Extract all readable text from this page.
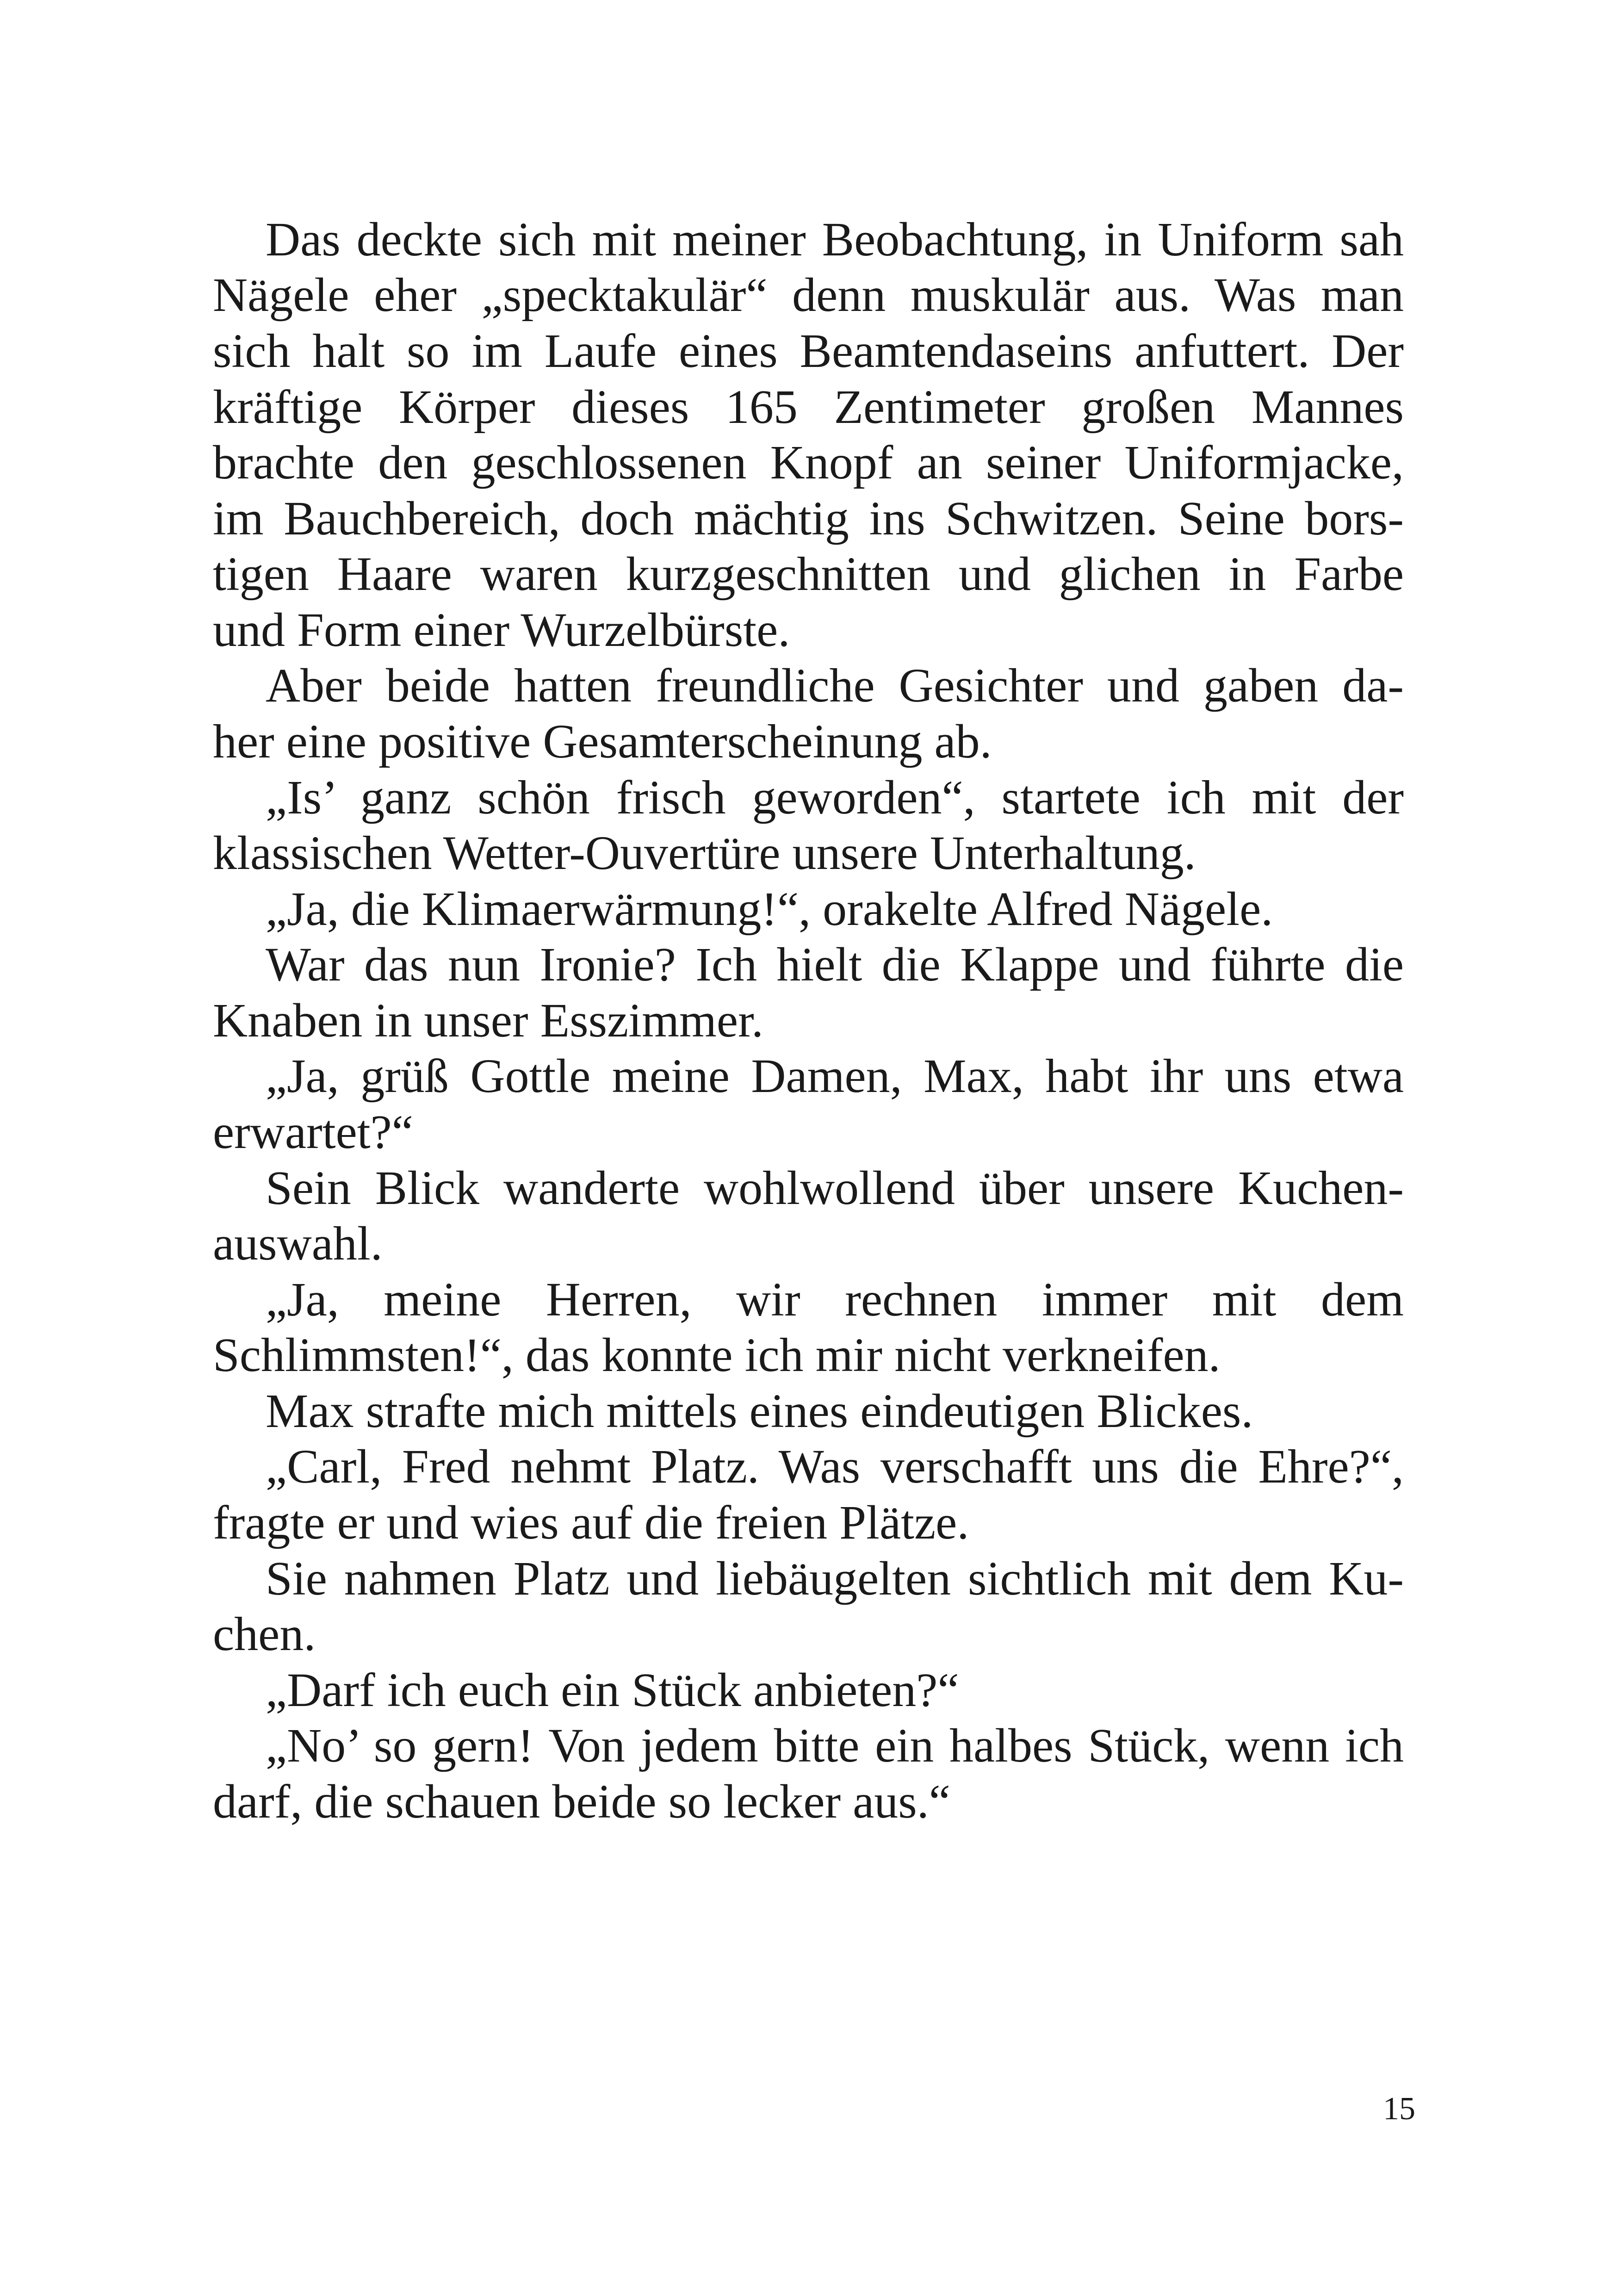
Das deckte sich mit meiner Beobachtung, in Uniform sah
Nägele eher „specktakulär“ denn muskulär aus. Was man
sich halt so im Laufe eines Beamtendaseins anfuttert. Der
kräftige Körper dieses 165 Zentimeter großen Mannes
brachte den geschlossenen Knopf an seiner Uniformjacke,
im Bauchbereich, doch mächtig ins Schwitzen. Seine bors-
tigen Haare waren kurzgeschnitten und glichen in Farbe
und Form einer Wurzelbürste.
Aber beide hatten freundliche Gesichter und gaben da-
her eine positive Gesamterscheinung ab.
„Is’ ganz schön frisch geworden“, startete ich mit der
klassischen Wetter-Ouvertüre unsere Unterhaltung.
„Ja, die Klimaerwärmung!“, orakelte Alfred Nägele.
War das nun Ironie? Ich hielt die Klappe und führte die
Knaben in unser Esszimmer.
„Ja, grüß Gottle meine Damen, Max, habt ihr uns etwa
erwartet?“
Sein Blick wanderte wohlwollend über unsere Kuchen-
auswahl.
„Ja, meine Herren, wir rechnen immer mit dem
Schlimmsten!“, das konnte ich mir nicht verkneifen.
Max strafte mich mittels eines eindeutigen Blickes.
„Carl, Fred nehmt Platz. Was verschafft uns die Ehre?“,
fragte er und wies auf die freien Plätze.
Sie nahmen Platz und liebäugelten sichtlich mit dem Ku-
chen.
„Darf ich euch ein Stück anbieten?“
„No’ so gern! Von jedem bitte ein halbes Stück, wenn ich
darf, die schauen beide so lecker aus.“
15
